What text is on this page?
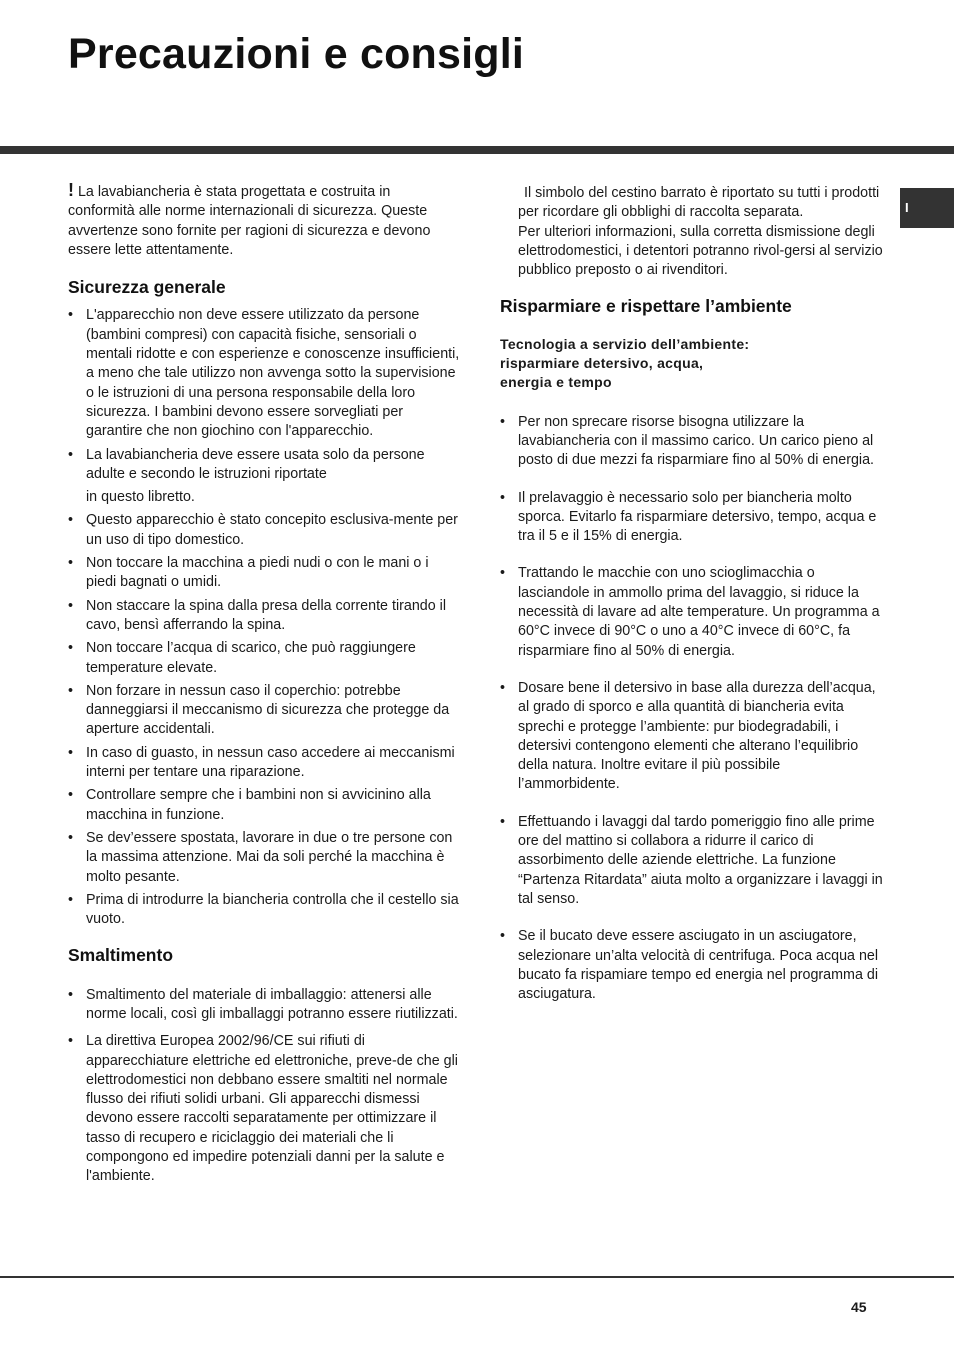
Precauzioni e consigli
I

! La lavabiancheria è stata progettata e costruita in conformità alle norme internazionali di sicurezza. Queste avvertenze sono fornite per ragioni di sicurezza e devono essere lette attentamente.

Sicurezza generale
• L'apparecchio non deve essere utilizzato da persone (bambini compresi) con capacità fisiche, sensoriali o mentali ridotte e con esperienze e conoscenze insufficienti, a meno che tale utilizzo non avvenga sotto la supervisione o le istruzioni di una persona responsabile della loro sicurezza. I bambini devono essere sorvegliati per garantire che non giochino con l'apparecchio.
• La lavabiancheria deve essere usata solo da persone adulte e secondo le istruzioni riportate
in questo libretto.
• Questo apparecchio è stato concepito esclusiva-mente per un uso di tipo domestico.
• Non toccare la macchina a piedi nudi o con le mani o i piedi bagnati o umidi.
• Non staccare la spina dalla presa della corrente tirando il cavo, bensì afferrando la spina.
• Non toccare l’acqua di scarico, che può raggiungere temperature elevate.
• Non forzare in nessun caso il coperchio: potrebbe danneggiarsi il meccanismo di sicurezza che protegge da aperture accidentali.
• In caso di guasto, in nessun caso accedere ai meccanismi interni per tentare una riparazione.
• Controllare sempre che i bambini non si avvicinino alla macchina in funzione.
• Se dev’essere spostata, lavorare in due o tre persone con la massima attenzione. Mai da soli perché la macchina è molto pesante.
• Prima di introdurre la biancheria controlla che il cestello sia vuoto.
Smaltimento
• Smaltimento del materiale di imballaggio: attenersi alle norme locali, così gli imballaggi potranno essere riutilizzati.
• La direttiva Europea 2002/96/CE sui rifiuti di apparecchiature elettriche ed elettroniche, preve-de che gli elettrodomestici non debbano essere smaltiti nel normale flusso dei rifiuti solidi urbani. Gli apparecchi dismessi devono essere raccolti separatamente per ottimizzare il tasso di recupero e riciclaggio dei materiali che li compongono ed impedire potenziali danni per la salute e l'ambiente.

Il simbolo del cestino barrato è riportato su tutti i prodotti per ricordare gli obblighi di raccolta separata.

Per ulteriori informazioni, sulla corretta dismissione degli elettrodomestici, i detentori potranno rivol-gersi al servizio pubblico preposto o ai rivenditori.

Risparmiare e rispettare l’ambiente
Tecnologia a servizio dell’ambiente:
risparmiare detersivo, acqua,
energia e tempo
• Per non sprecare risorse bisogna utilizzare la lavabiancheria con il massimo carico. Un carico pieno al posto di due mezzi fa risparmiare fino al 50% di energia.
• Il prelavaggio è necessario solo per biancheria molto sporca. Evitarlo fa risparmiare detersivo, tempo, acqua e tra il 5 e il 15% di energia.
• Trattando le macchie con uno scioglimacchia o lasciandole in ammollo prima del lavaggio, si riduce la necessità di lavare ad alte temperature. Un programma a 60°C invece di 90°C o uno a 40°C invece di 60°C, fa risparmiare fino al 50% di energia.
• Dosare bene il detersivo in base alla durezza dell’acqua, al grado di sporco e alla quantità di biancheria evita sprechi e protegge l’ambiente: pur biodegradabili, i detersivi contengono elementi che alterano l’equilibrio della natura. Inoltre evitare il più possibile l’ammorbidente.
• Effettuando i lavaggi dal tardo pomeriggio fino alle prime ore del mattino si collabora a ridurre il carico di assorbimento delle aziende elettriche. La funzione “Partenza Ritardata” aiuta molto a organizzare i lavaggi in tal senso.
• Se il bucato deve essere asciugato in un asciugatore, selezionare un’alta velocità di centrifuga. Poca acqua nel bucato fa rispamiare tempo ed energia nel programma di asciugatura.
45
